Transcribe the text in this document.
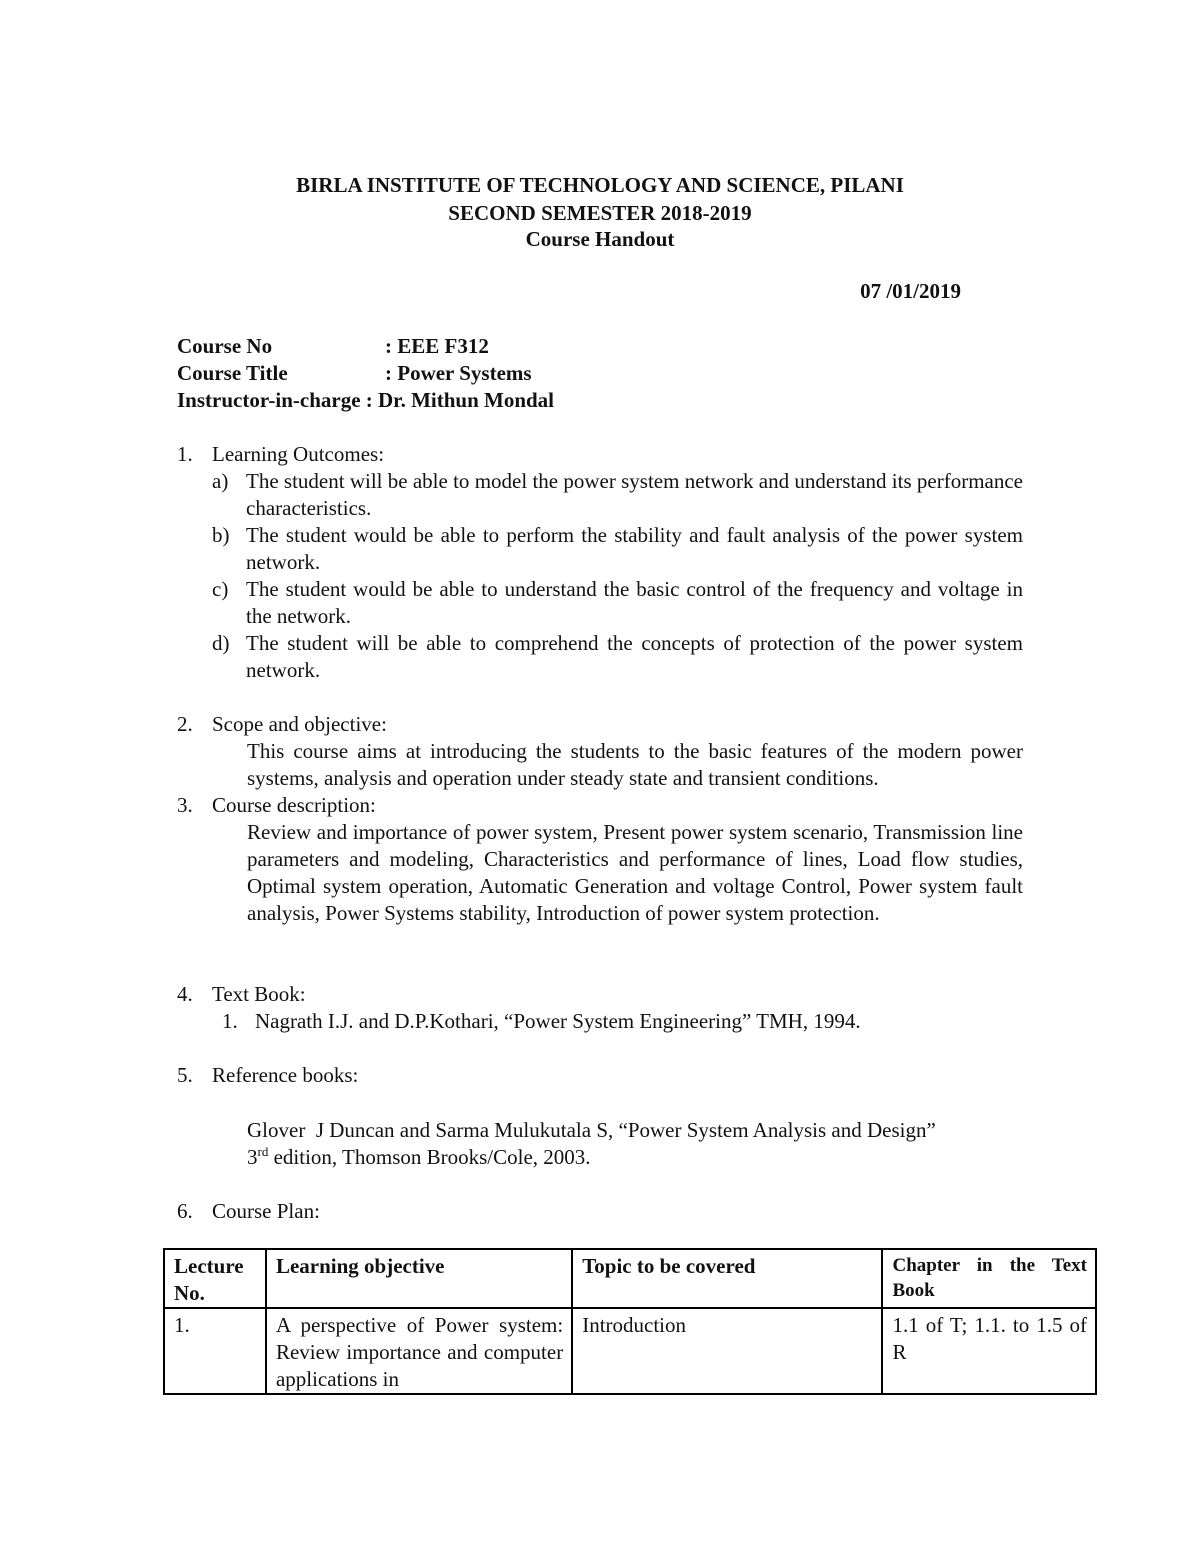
BIRLA INSTITUTE OF TECHNOLOGY AND SCIENCE, PILANI
SECOND SEMESTER 2018-2019
Course Handout
07 /01/2019
Course No	: EEE F312
Course Title	: Power Systems
Instructor-in-charge : Dr. Mithun Mondal
1. Learning Outcomes:
a) The student will be able to model the power system network and understand its performance characteristics.
b) The student would be able to perform the stability and fault analysis of the power system network.
c) The student would be able to understand the basic control of the frequency and voltage in the network.
d) The student will be able to comprehend the concepts of protection of the power system network.
2. Scope and objective:
This course aims at introducing the students to the basic features of the modern power systems, analysis and operation under steady state and transient conditions.
3. Course description:
Review and importance of power system, Present power system scenario, Transmission line parameters and modeling, Characteristics and performance of lines, Load flow studies, Optimal system operation, Automatic Generation and voltage Control, Power system fault analysis, Power Systems stability, Introduction of power system protection.
4. Text Book:
1. Nagrath I.J. and D.P.Kothari, “Power System Engineering” TMH, 1994.
5. Reference books:
Glover  J Duncan and Sarma Mulukutala S, “Power System Analysis and Design”
3rd edition, Thomson Brooks/Cole, 2003.
6. Course Plan:
Lecture No.	Learning objective	Topic to be covered	Chapter in the Text Book
1.	A perspective of Power system: Review importance and computer applications in	Introduction	1.1 of T; 1.1. to 1.5 of R
